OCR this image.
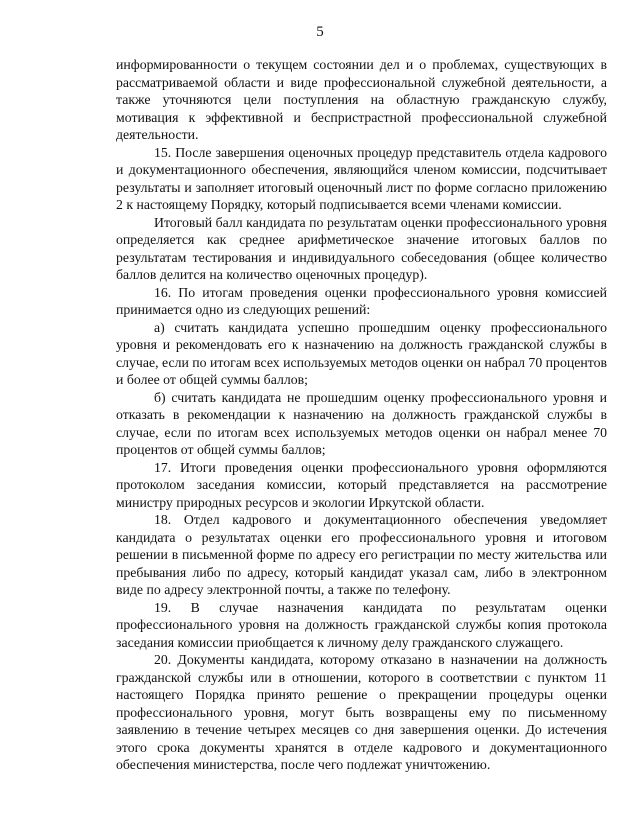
5

информированности о текущем состоянии дел и о проблемах, существующих в рассматриваемой области и виде профессиональной служебной деятельности, а также уточняются цели поступления на областную гражданскую службу, мотивация к эффективной и беспристрастной профессиональной служебной деятельности.

15. После завершения оценочных процедур представитель отдела кадрового и документационного обеспечения, являющийся членом комиссии, подсчитывает результаты и заполняет итоговый оценочный лист по форме согласно приложению 2 к настоящему Порядку, который подписывается всеми членами комиссии.

Итоговый балл кандидата по результатам оценки профессионального уровня определяется как среднее арифметическое значение итоговых баллов по результатам тестирования и индивидуального собеседования (общее количество баллов делится на количество оценочных процедур).

16. По итогам проведения оценки профессионального уровня комиссией принимается одно из следующих решений:

а) считать кандидата успешно прошедшим оценку профессионального уровня и рекомендовать его к назначению на должность гражданской службы в случае, если по итогам всех используемых методов оценки он набрал 70 процентов и более от общей суммы баллов;

б) считать кандидата не прошедшим оценку профессионального уровня и отказать в рекомендации к назначению на должность гражданской службы в случае, если по итогам всех используемых методов оценки он набрал менее 70 процентов от общей суммы баллов;

17. Итоги проведения оценки профессионального уровня оформляются протоколом заседания комиссии, который представляется на рассмотрение министру природных ресурсов и экологии Иркутской области.

18. Отдел кадрового и документационного обеспечения уведомляет кандидата о результатах оценки его профессионального уровня и итоговом решении в письменной форме по адресу его регистрации по месту жительства или пребывания либо по адресу, который кандидат указал сам, либо в электронном виде по адресу электронной почты, а также по телефону.

19. В случае назначения кандидата по результатам оценки профессионального уровня на должность гражданской службы копия протокола заседания комиссии приобщается к личному делу гражданского служащего.

20. Документы кандидата, которому отказано в назначении на должность гражданской службы или в отношении, которого в соответствии с пунктом 11 настоящего Порядка принято решение о прекращении процедуры оценки профессионального уровня, могут быть возвращены ему по письменному заявлению в течение четырех месяцев со дня завершения оценки. До истечения этого срока документы хранятся в отделе кадрового и документационного обеспечения министерства, после чего подлежат уничтожению.
